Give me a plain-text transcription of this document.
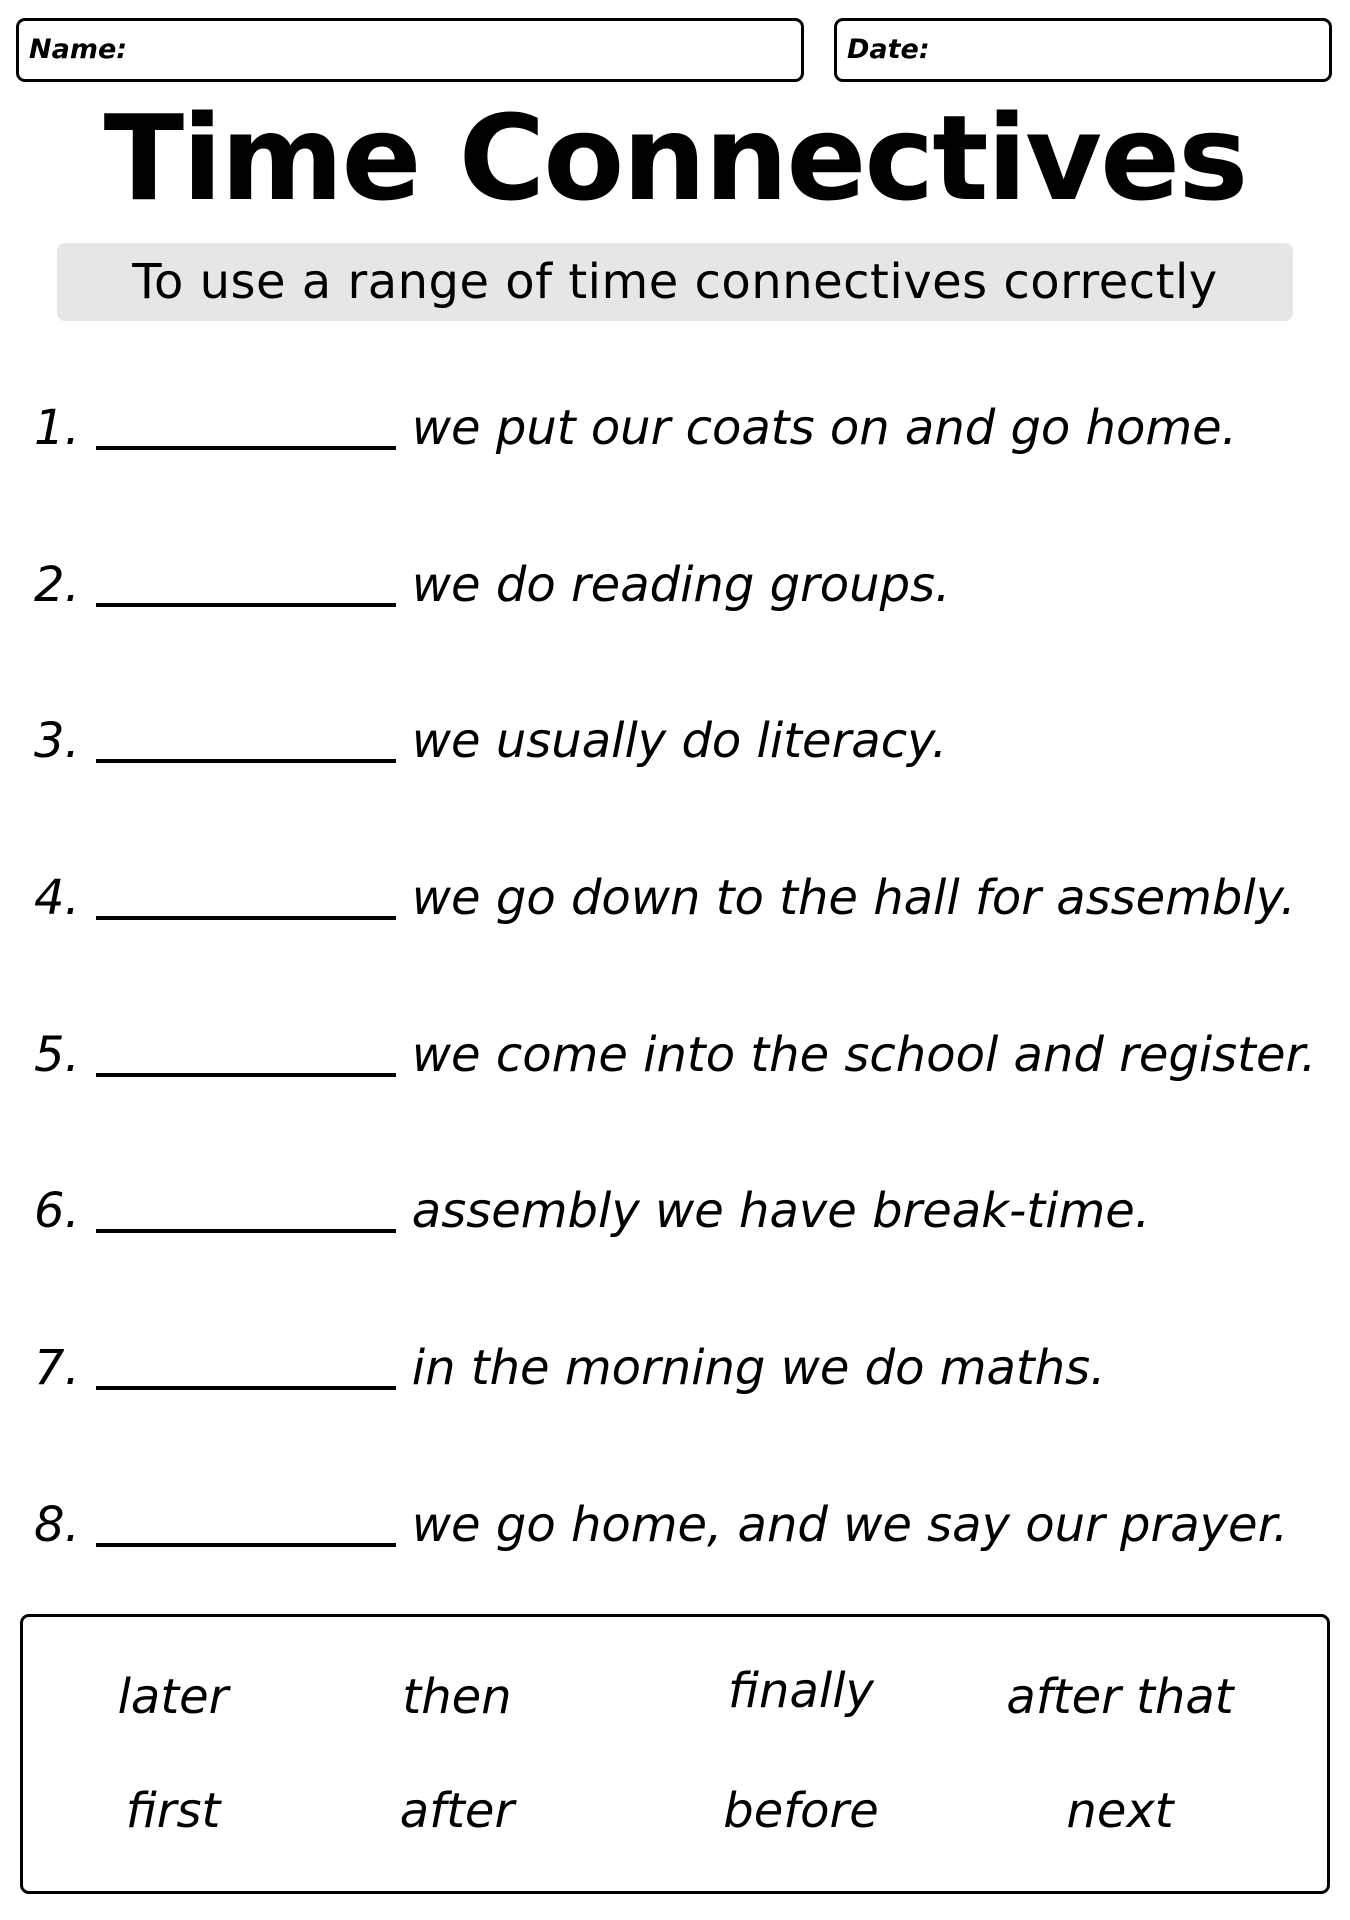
Name:	Date:
Time Connectives
To use a range of time connectives correctly
1.	we put our coats on and go home.
2.	we do reading groups.
3.	we usually do literacy.
4.	we go down to the hall for assembly.
5.	we come into the school and register.
6.	assembly we have break-time.
7.	in the morning we do maths.
8.	we go home, and we say our prayer.
later	then	finally	after that
first	after	before	next
